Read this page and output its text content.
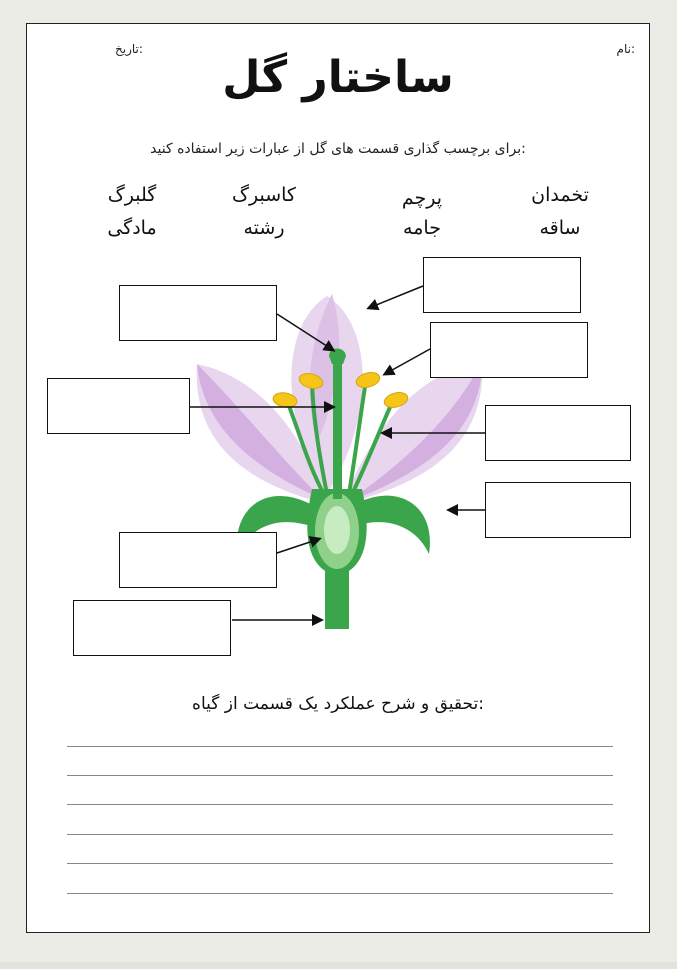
نام:
تاریخ:
ساختار گل
برای برچسب گذاری قسمت های گل از عبارات زیر استفاده کنید:
تخمدان
پرچم
کاسبرگ
گلبرگ
ساقه
جامه
رشته
مادگی
تحقیق و شرح عملکرد یک قسمت از گیاه:
